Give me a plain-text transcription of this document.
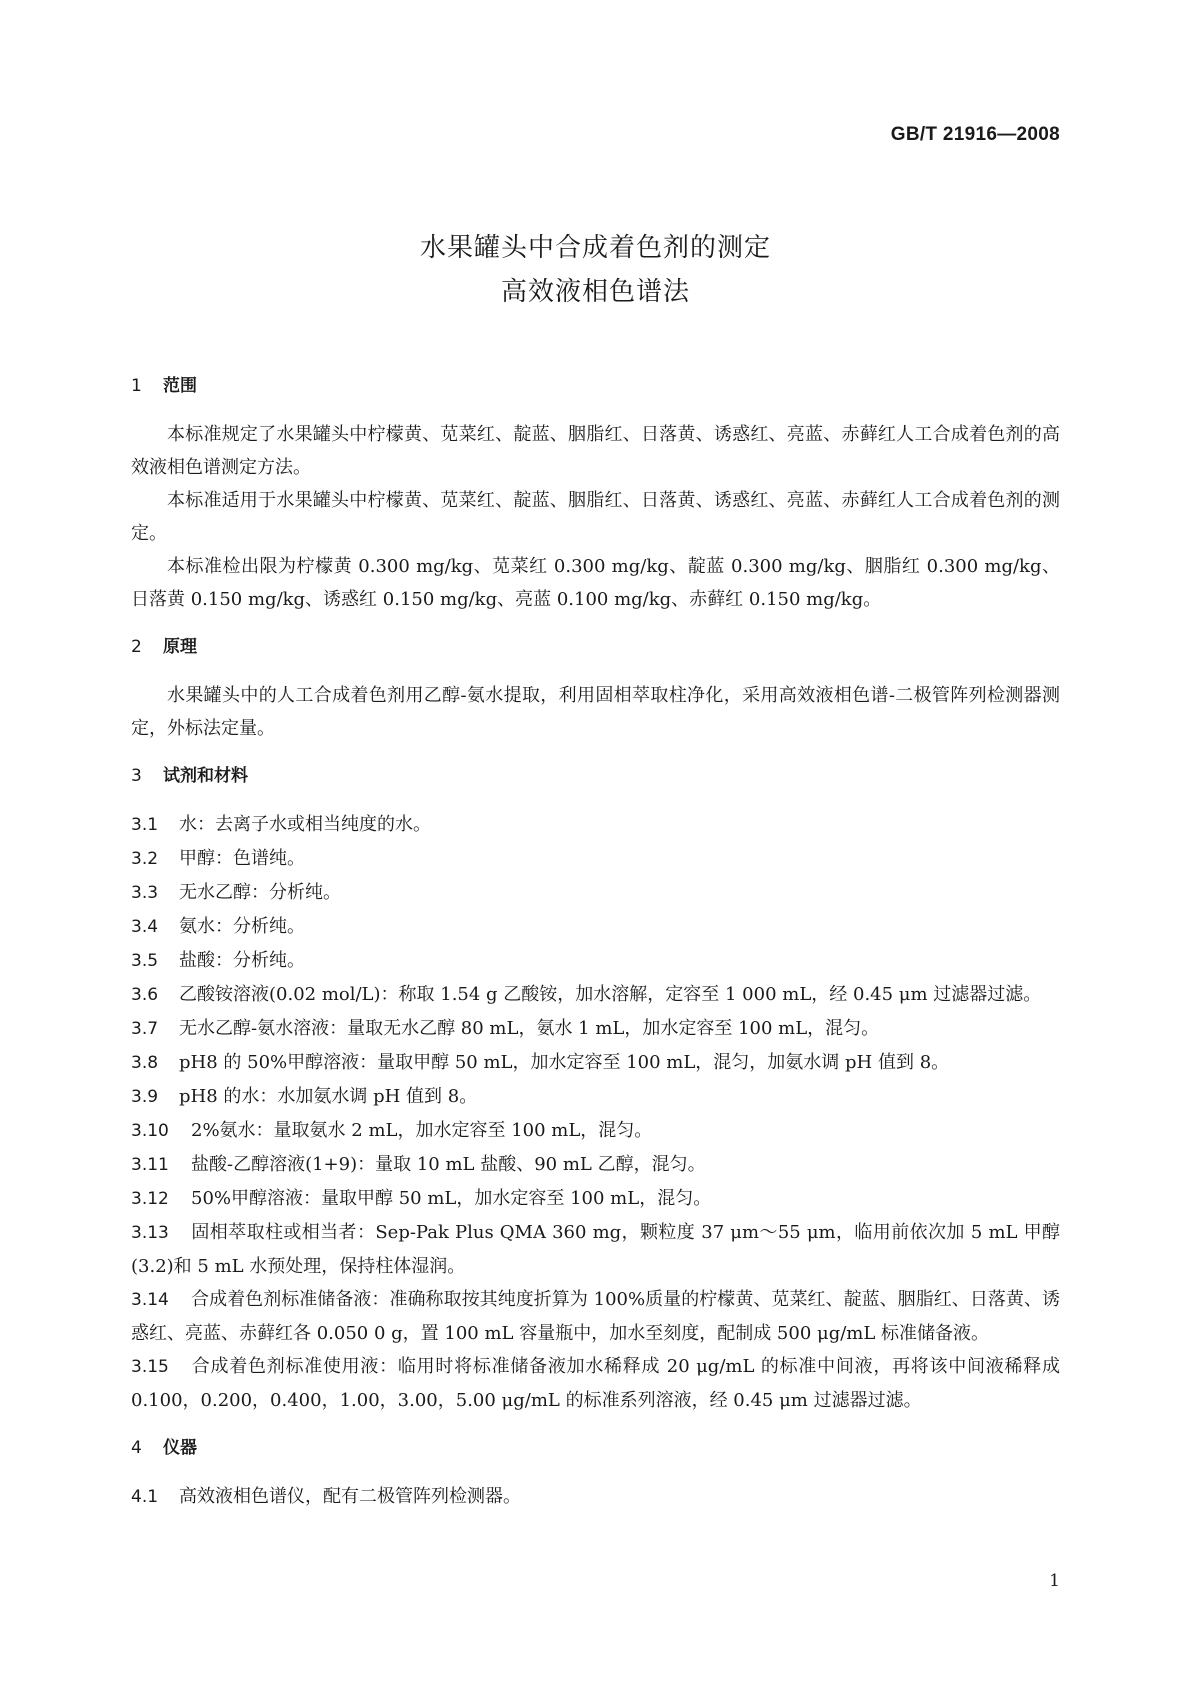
GB/T 21916—2008
水果罐头中合成着色剂的测定
高效液相色谱法
1 范围

本标准规定了水果罐头中柠檬黄、苋菜红、靛蓝、胭脂红、日落黄、诱惑红、亮蓝、赤藓红人工合成着色剂的高效液相色谱测定方法。

本标准适用于水果罐头中柠檬黄、苋菜红、靛蓝、胭脂红、日落黄、诱惑红、亮蓝、赤藓红人工合成着色剂的测定。

本标准检出限为柠檬黄 0.300 mg/kg、苋菜红 0.300 mg/kg、靛蓝 0.300 mg/kg、胭脂红 0.300 mg/kg、日落黄 0.150 mg/kg、诱惑红 0.150 mg/kg、亮蓝 0.100 mg/kg、赤藓红 0.150 mg/kg。

2 原理

水果罐头中的人工合成着色剂用乙醇-氨水提取，利用固相萃取柱净化，采用高效液相色谱-二极管阵列检测器测定，外标法定量。

3 试剂和材料

3.1 水：去离子水或相当纯度的水。

3.2 甲醇：色谱纯。

3.3 无水乙醇：分析纯。

3.4 氨水：分析纯。

3.5 盐酸：分析纯。

3.6 乙酸铵溶液(0.02 mol/L)：称取 1.54 g 乙酸铵，加水溶解，定容至 1 000 mL，经 0.45 μm 过滤器过滤。

3.7 无水乙醇-氨水溶液：量取无水乙醇 80 mL，氨水 1 mL，加水定容至 100 mL，混匀。

3.8 pH8 的 50%甲醇溶液：量取甲醇 50 mL，加水定容至 100 mL，混匀，加氨水调 pH 值到 8。

3.9 pH8 的水：水加氨水调 pH 值到 8。

3.10 2%氨水：量取氨水 2 mL，加水定容至 100 mL，混匀。

3.11 盐酸-乙醇溶液(1+9)：量取 10 mL 盐酸、90 mL 乙醇，混匀。

3.12 50%甲醇溶液：量取甲醇 50 mL，加水定容至 100 mL，混匀。

3.13 固相萃取柱或相当者：Sep-Pak Plus QMA 360 mg，颗粒度 37 μm～55 μm，临用前依次加 5 mL 甲醇(3.2)和 5 mL 水预处理，保持柱体湿润。

3.14 合成着色剂标准储备液：准确称取按其纯度折算为 100%质量的柠檬黄、苋菜红、靛蓝、胭脂红、日落黄、诱惑红、亮蓝、赤藓红各 0.050 0 g，置 100 mL 容量瓶中，加水至刻度，配制成 500 μg/mL 标准储备液。

3.15 合成着色剂标准使用液：临用时将标准储备液加水稀释成 20 μg/mL 的标准中间液，再将该中间液稀释成 0.100，0.200，0.400，1.00，3.00，5.00 μg/mL 的标准系列溶液，经 0.45 μm 过滤器过滤。

4 仪器

4.1 高效液相色谱仪，配有二极管阵列检测器。

1
